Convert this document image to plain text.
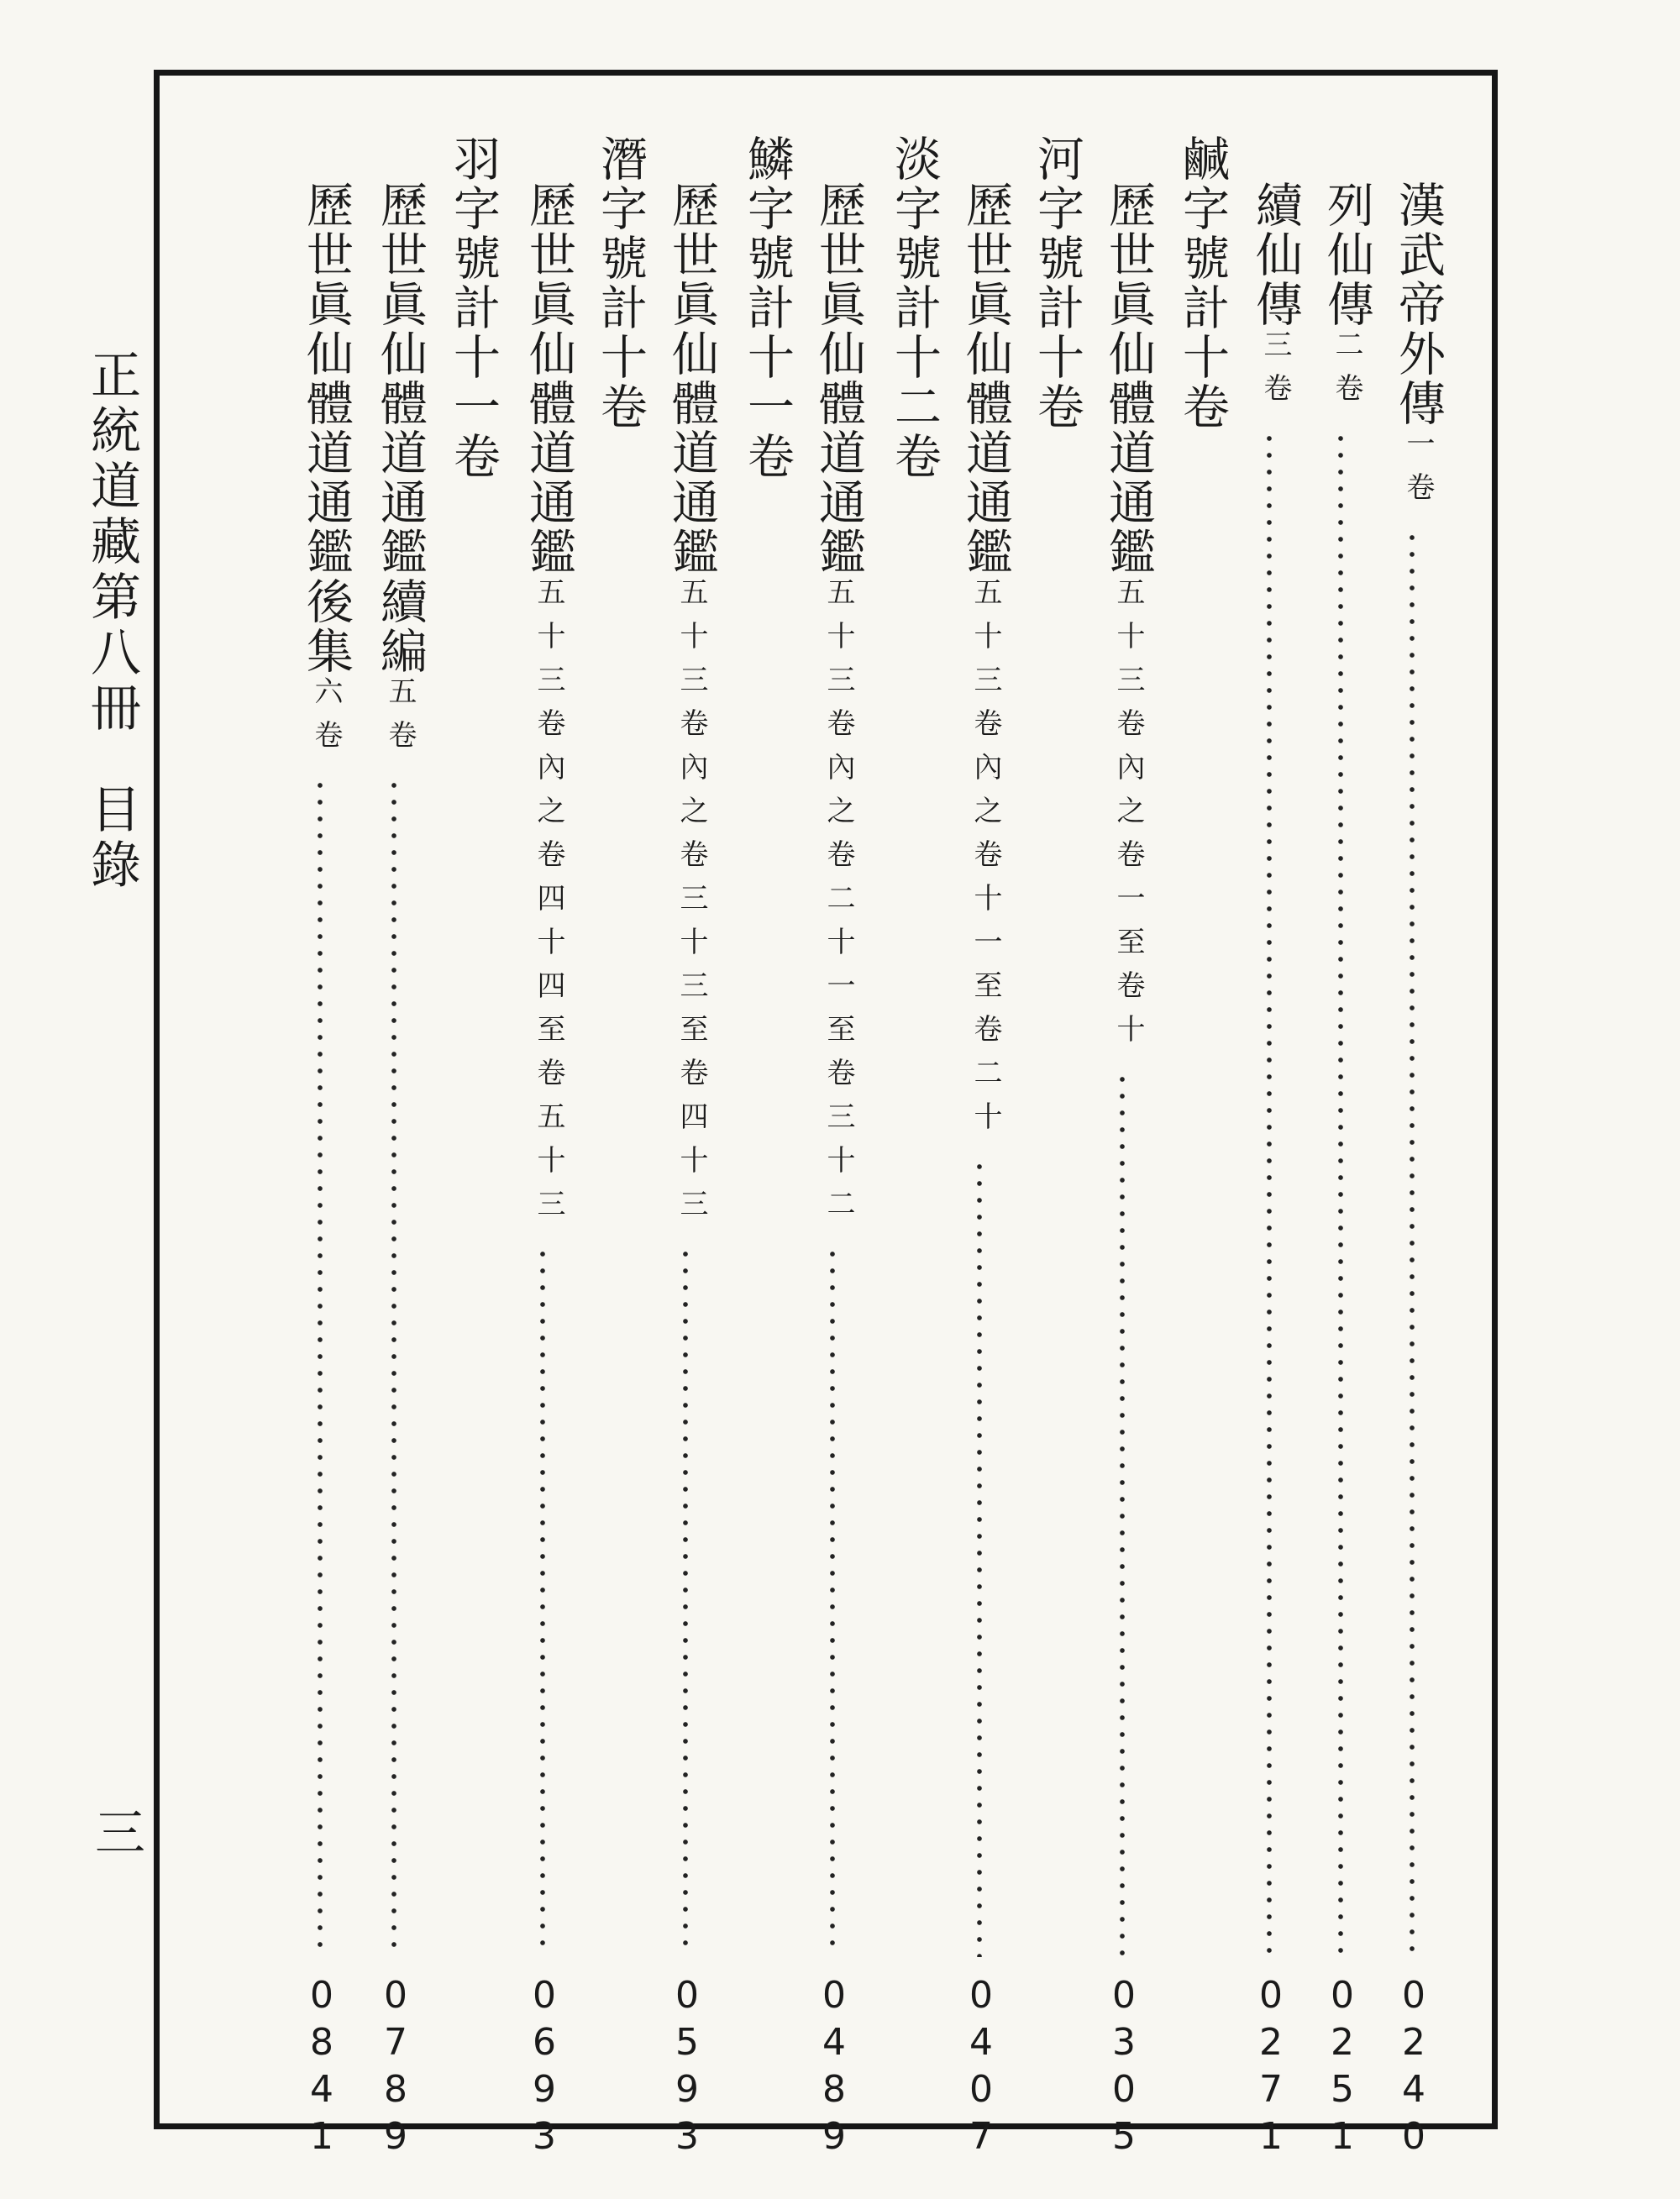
正統道藏第八冊目錄
三
漢武帝外傳一卷
0
2
4
0
列仙傳二卷
0
2
5
1
續仙傳三卷
0
2
7
1
鹹字號計十卷
歷世眞仙體道通鑑五十三卷內之卷一至卷十
0
3
0
5
河字號計十卷
歷世眞仙體道通鑑五十三卷內之卷十一至卷二十
0
4
0
7
淡字號計十二卷
歷世眞仙體道通鑑五十三卷內之卷二十一至卷三十二
0
4
8
9
鱗字號計十一卷
歷世眞仙體道通鑑五十三卷內之卷三十三至卷四十三
0
5
9
3
潛字號計十卷
歷世眞仙體道通鑑五十三卷內之卷四十四至卷五十三
0
6
9
3
羽字號計十一卷
歷世眞仙體道通鑑續編五卷
0
7
8
9
歷世眞仙體道通鑑後集六卷
0
8
4
1
